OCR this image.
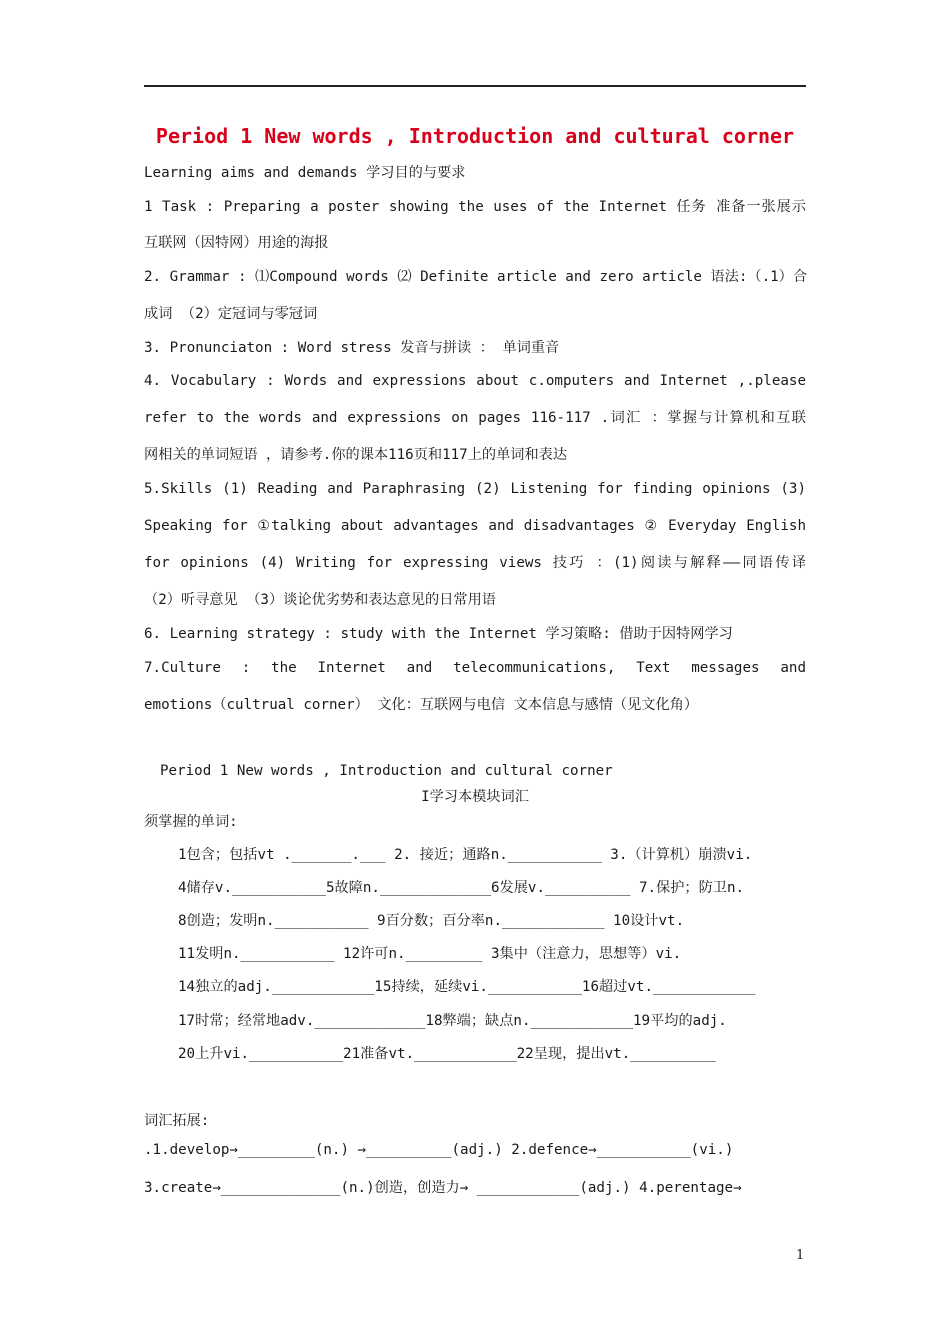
Period 1 New words , Introduction and cultural corner
Learning aims and demands 学习目的与要求
1 Task : Preparing a poster showing the uses of the Internet 任务 准备一张展示
互联网（因特网）用途的海报
2. Grammar : ⑴Compound words ⑵ Definite article and zero article 语法:（.1）合
成词 （2）定冠词与零冠词
3. Pronunciaton : Word stress 发音与拼读 ： 单词重音
4. Vocabulary : Words and expressions about c.omputers and Internet ,.please
refer to the words and expressions on pages 116-117 .词汇 ：掌握与计算机和互联
网相关的单词短语 ，请参考.你的课本116页和117上的单词和表达
5.Skills (1) Reading and Paraphrasing (2) Listening for finding opinions (3)
Speaking for ①talking about advantages and disadvantages ② Everyday English
for opinions (4) Writing for expressing views 技巧 ：(1)阅读与解释——同语传译
（2）听寻意见 （3）谈论优劣势和表达意见的日常用语
6. Learning strategy : study with the Internet 学习策略: 借助于因特网学习
7.Culture : the Internet and telecommunications, Text messages and
emotions（cultrual corner） 文化：互联网与电信 文本信息与感情（见文化角）
Period 1 New words , Introduction and cultural corner
I学习本模块词汇
须掌握的单词:
1包含；包括vt ._______.___ 2. 接近；通路n.___________ 3.（计算机）崩溃vi.
4储存v.___________5故障n._____________6发展v.__________ 7.保护；防卫n.
8创造；发明n.___________ 9百分数；百分率n.____________ 10设计vt.
11发明n.___________ 12许可n._________ 3集中（注意力，思想等）vi.
14独立的adj.____________15持续，延续vi.___________16超过vt.____________
17时常；经常地adv._____________18弊端；缺点n.____________19平均的adj.
20上升vi.___________21准备vt.____________22呈现，提出vt.__________
词汇拓展:
.1.develop→_________(n.) →__________(adj.) 2.defence→___________(vi.)
3.create→______________(n.)创造，创造力→ ____________(adj.) 4.perentage→
1
